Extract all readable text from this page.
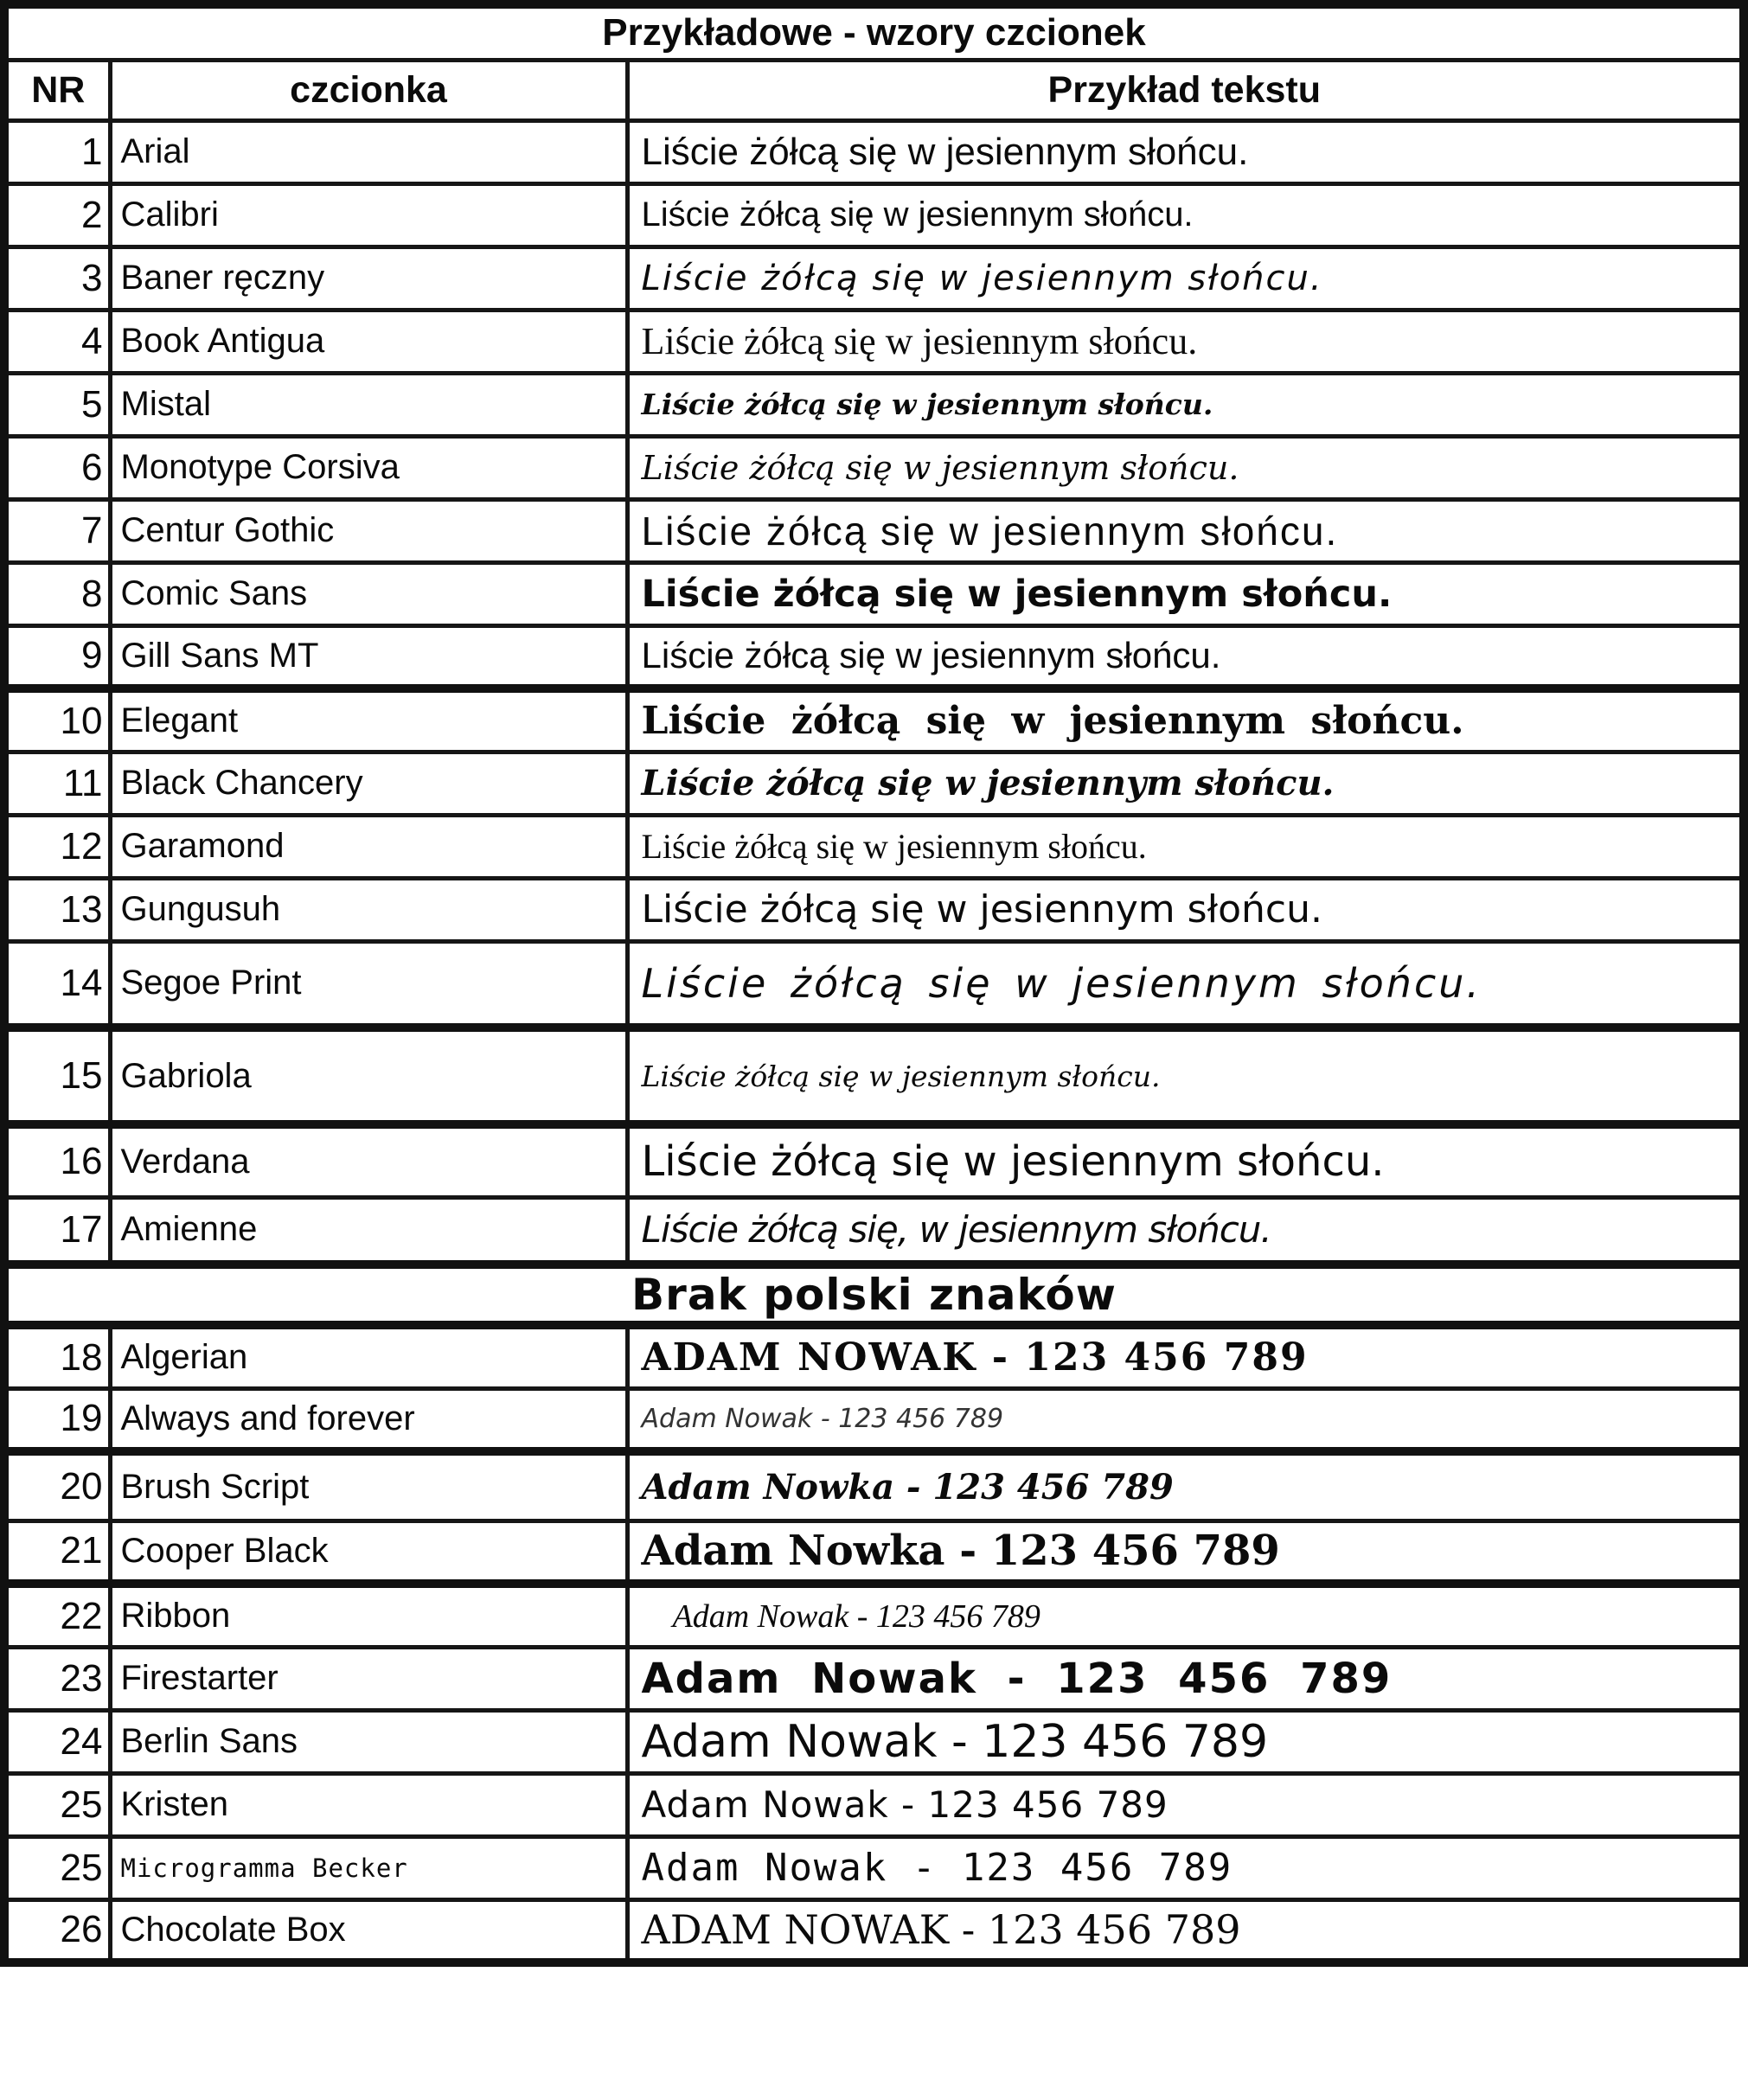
Przykładowe - wzory czcionek		
NR	czcionka	Przykład tekstu
1	Arial	Liście żółcą się w jesiennym słońcu.
2	Calibri	Liście żółcą się w jesiennym słońcu.
3	Baner ręczny	Liście żółcą się w jesiennym słońcu.
4	Book Antigua	Liście żółcą się w jesiennym słońcu.
5	Mistal	Liście żółcą się w jesiennym słońcu.
6	Monotype Corsiva	Liście żółcą się w jesiennym słońcu.
7	Centur Gothic	Liście żółcą się w jesiennym słońcu.
8	Comic Sans	Liście żółcą się w jesiennym słońcu.
9	Gill Sans MT	Liście żółcą się w jesiennym słońcu.
10	Elegant	Liście żółcą się w jesiennym słońcu.
11	Black Chancery	Liście żółcą się w jesiennym słońcu.
12	Garamond	Liście żółcą się w jesiennym słońcu.
13	Gungusuh	Liście żółcą się w jesiennym słońcu.
14	Segoe Print	Liście żółcą się w jesiennym słońcu.
15	Gabriola	Liście żółcą się w jesiennym słońcu.
16	Verdana	Liście żółcą się w jesiennym słońcu.
17	Amienne	Liście żółcą się, w jesiennym słońcu.
Brak polski znaków		
18	Algerian	ADAM NOWAK - 123 456 789
19	Always and forever	Adam Nowak - 123 456 789
20	Brush Script	Adam Nowka - 123 456 789
21	Cooper Black	Adam Nowka - 123 456 789
22	Ribbon	Adam Nowak - 123 456 789
23	Firestarter	Adam Nowak - 123 456 789
24	Berlin Sans	Adam Nowak - 123 456 789
25	Kristen	Adam Nowak - 123 456 789
25	Microgramma Becker	Adam Nowak - 123 456 789
26	Chocolate Box	ADAM NOWAK - 123 456 789
